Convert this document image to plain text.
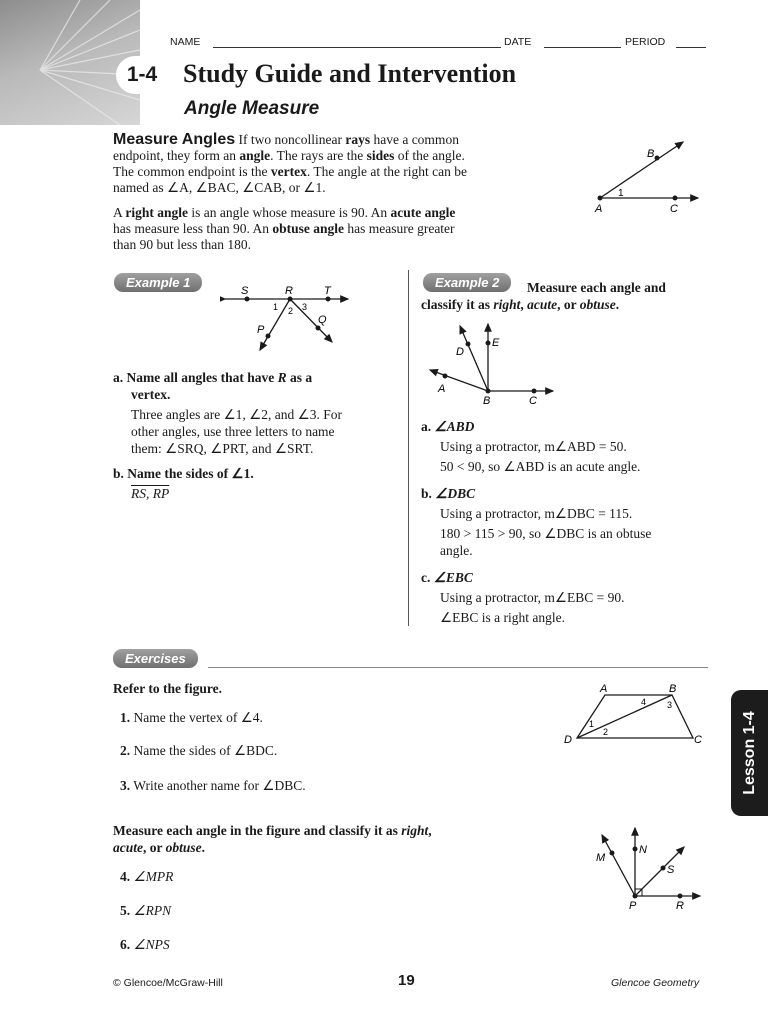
1-4
NAME	DATE	PERIOD
Study Guide and Intervention
Angle Measure
Measure Angles If two noncollinear rays have a common
endpoint, they form an angle. The rays are the sides of the angle.
The common endpoint is the vertex. The angle at the right can be
named as ∠A, ∠BAC, ∠CAB, or ∠1.
A right angle is an angle whose measure is 90. An acute angle
has measure less than 90. An obtuse angle has measure greater
than 90 but less than 180.
B
A	C
1
Example 1
S	R	T
P
Q
1 2 3
a. Name all angles that have R as a
vertex.
Three angles are ∠1, ∠2, and ∠3. For
other angles, use three letters to name
them: ∠SRQ, ∠PRT, and ∠SRT.
b. Name the sides of ∠1.
RS, RP
Example 2	Measure each angle and
classify it as right, acute, or obtuse.
D
E
A
B	C
a. ∠ABD
Using a protractor, m∠ABD = 50.
50 < 90, so ∠ABD is an acute angle.
b. ∠DBC
Using a protractor, m∠DBC = 115.
180 > 115 > 90, so ∠DBC is an obtuse
angle.
c. ∠EBC
Using a protractor, m∠EBC = 90.
∠EBC is a right angle.
Exercises
Refer to the figure.
1. Name the vertex of ∠4.
2. Name the sides of ∠BDC.
3. Write another name for ∠DBC.
A	B
C
D
1
2
3
4
Measure each angle in the figure and classify it as right,
acute, or obtuse.
4. ∠MPR
5. ∠RPN
6. ∠NPS
M
N
S
P	R
Lesson 1-4
© Glencoe/McGraw-Hill	19	Glencoe Geometry
